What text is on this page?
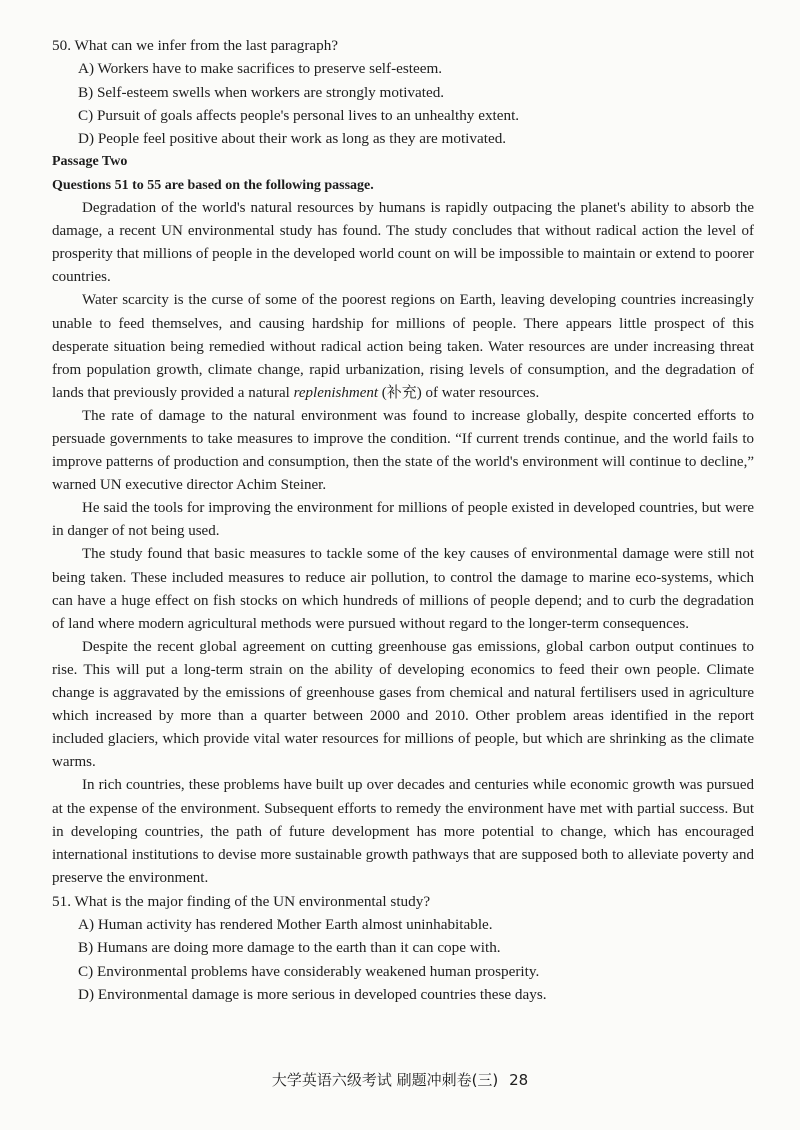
50. What can we infer from the last paragraph?

A) Workers have to make sacrifices to preserve self-esteem.
B) Self-esteem swells when workers are strongly motivated.
C) Pursuit of goals affects people's personal lives to an unhealthy extent.
D) People feel positive about their work as long as they are motivated.

Passage Two

Questions 51 to 55 are based on the following passage.

Degradation of the world's natural resources by humans is rapidly outpacing the planet's ability to absorb the damage, a recent UN environmental study has found. The study concludes that without radical action the level of prosperity that millions of people in the developed world count on will be impossible to maintain or extend to poorer countries.

Water scarcity is the curse of some of the poorest regions on Earth, leaving developing countries increasingly unable to feed themselves, and causing hardship for millions of people. There appears little prospect of this desperate situation being remedied without radical action being taken. Water resources are under increasing threat from population growth, climate change, rapid urbanization, rising levels of consumption, and the degradation of lands that previously provided a natural replenishment (补充) of water resources.

The rate of damage to the natural environment was found to increase globally, despite concerted efforts to persuade governments to take measures to improve the condition. “If current trends continue, and the world fails to improve patterns of production and consumption, then the state of the world's environment will continue to decline,” warned UN executive director Achim Steiner.

He said the tools for improving the environment for millions of people existed in developed countries, but were in danger of not being used.

The study found that basic measures to tackle some of the key causes of environmental damage were still not being taken. These included measures to reduce air pollution, to control the damage to marine eco-systems, which can have a huge effect on fish stocks on which hundreds of millions of people depend; and to curb the degradation of land where modern agricultural methods were pursued without regard to the longer-term consequences.

Despite the recent global agreement on cutting greenhouse gas emissions, global carbon output continues to rise. This will put a long-term strain on the ability of developing economics to feed their own people. Climate change is aggravated by the emissions of greenhouse gases from chemical and natural fertilisers used in agriculture which increased by more than a quarter between 2000 and 2010. Other problem areas identified in the report included glaciers, which provide vital water resources for millions of people, but which are shrinking as the climate warms.

In rich countries, these problems have built up over decades and centuries while economic growth was pursued at the expense of the environment. Subsequent efforts to remedy the environment have met with partial success. But in developing countries, the path of future development has more potential to change, which has encouraged international institutions to devise more sustainable growth pathways that are supposed both to alleviate poverty and preserve the environment.

51. What is the major finding of the UN environmental study?

A) Human activity has rendered Mother Earth almost uninhabitable.
B) Humans are doing more damage to the earth than it can cope with.
C) Environmental problems have considerably weakened human prosperity.
D) Environmental damage is more serious in developed countries these days.
大学英语六级考试 刷题冲刺卷(三) 28
